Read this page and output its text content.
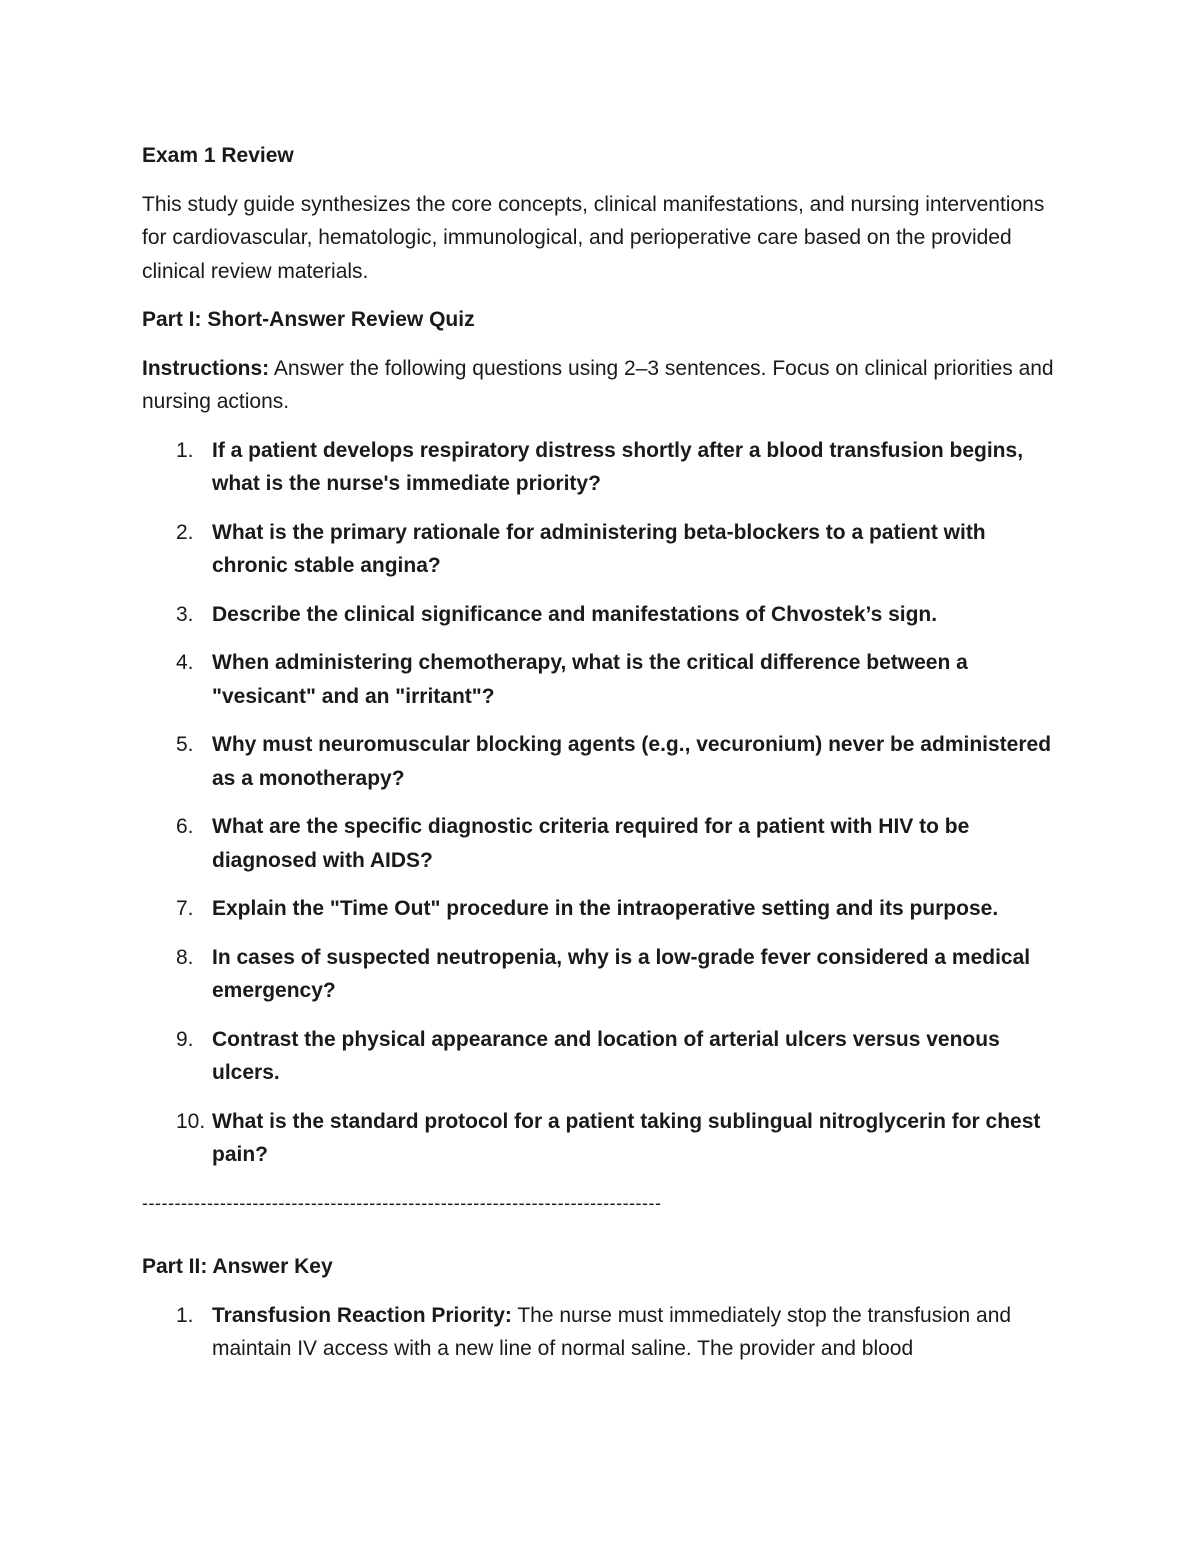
Exam 1 Review

This study guide synthesizes the core concepts, clinical manifestations, and nursing interventions for cardiovascular, hematologic, immunological, and perioperative care based on the provided clinical review materials.

Part I: Short-Answer Review Quiz

Instructions: Answer the following questions using 2–3 sentences. Focus on clinical priorities and nursing actions.

1. If a patient develops respiratory distress shortly after a blood transfusion begins, what is the nurse's immediate priority?
2. What is the primary rationale for administering beta-blockers to a patient with chronic stable angina?
3. Describe the clinical significance and manifestations of Chvostek’s sign.
4. When administering chemotherapy, what is the critical difference between a "vesicant" and an "irritant"?
5. Why must neuromuscular blocking agents (e.g., vecuronium) never be administered as a monotherapy?
6. What are the specific diagnostic criteria required for a patient with HIV to be diagnosed with AIDS?
7. Explain the "Time Out" procedure in the intraoperative setting and its purpose.
8. In cases of suspected neutropenia, why is a low-grade fever considered a medical emergency?
9. Contrast the physical appearance and location of arterial ulcers versus venous ulcers.
10. What is the standard protocol for a patient taking sublingual nitroglycerin for chest pain?
--------------------------------------------------------------------------------

Part II: Answer Key

1. Transfusion Reaction Priority: The nurse must immediately stop the transfusion and maintain IV access with a new line of normal saline. The provider and blood
